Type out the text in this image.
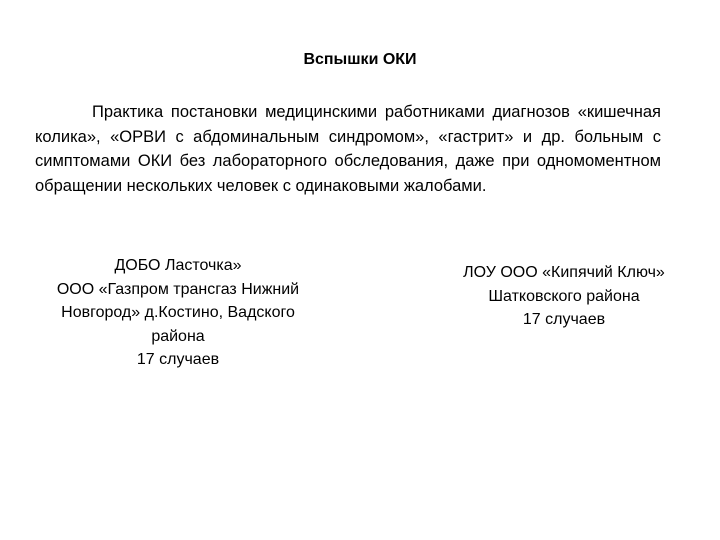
Вспышки ОКИ

Практика постановки медицинскими работниками диагнозов «кишечная колика», «ОРВИ с абдоминальным синдромом», «гастрит» и др. больным с симптомами ОКИ без лабораторного обследования, даже при одномоментном обращении нескольких человек с одинаковыми жалобами.

ДОБО Ласточка»
ООО «Газпром трансгаз Нижний
Новгород» д.Костино, Вадского
района
17 случаев
ЛОУ ООО «Кипячий Ключ»
Шатковского района
17 случаев
